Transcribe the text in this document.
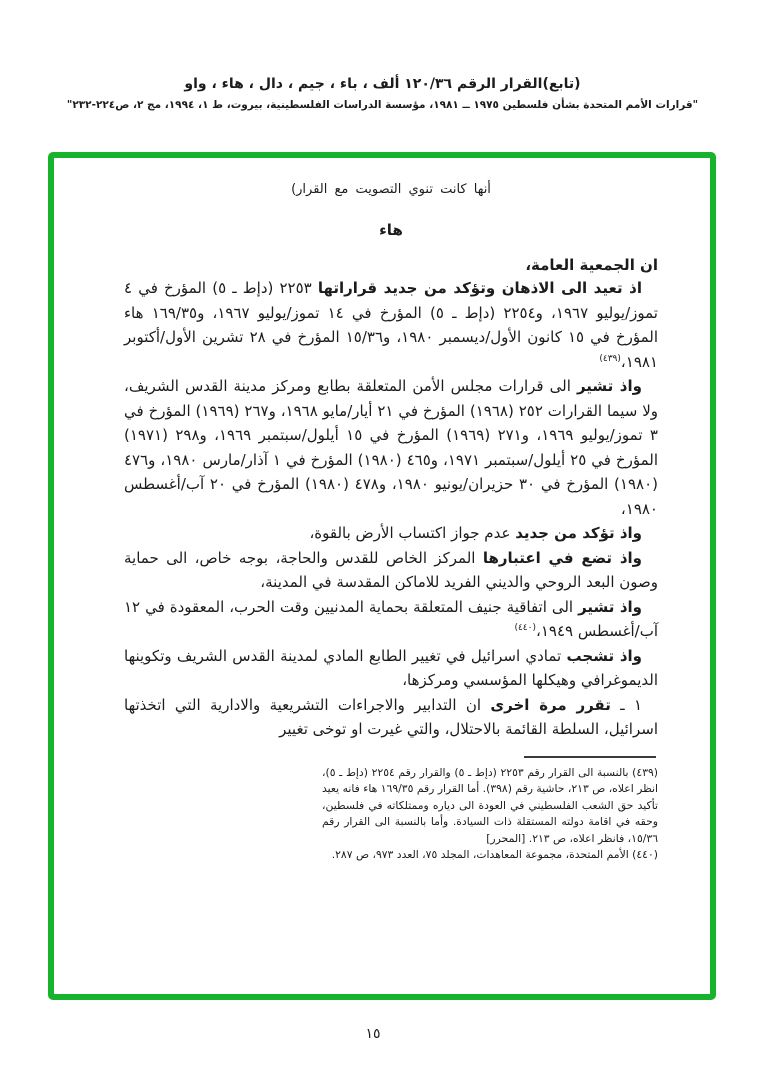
(تابع)القرار الرقم ١٢٠/٣٦ ألف ، باء ، جيم ، دال ، هاء ، واو
"قرارات الأمم المتحدة بشأن فلسطين ١٩٧٥ ــ ١٩٨١، مؤسسة الدراسات الفلسطينية، بيروت، ط ١، ١٩٩٤، مج ٢، ص٢٢٤-٢٣٢"

أنها كانت تنوي التصويت مع القرار)

هاء

ان الجمعية العامة،

اذ تعيد الى الاذهان وتؤكد من جديد قراراتها ٢٢٥٣ (دإط ـ ٥) المؤرخ في ٤ تموز/يوليو ١٩٦٧، و٢٢٥٤ (دإط ـ ٥) المؤرخ في ١٤ تموز/يوليو ١٩٦٧، و١٦٩/٣٥ هاء المؤرخ في ١٥ كانون الأول/ديسمبر ١٩٨٠، و١٥/٣٦ المؤرخ في ٢٨ تشرين الأول/أكتوبر ١٩٨١،$^{(٤٣٩)}$

واذ تشير الى قرارات مجلس الأمن المتعلقة بطابع ومركز مدينة القدس الشريف، ولا سيما القرارات ٢٥٢ (١٩٦٨) المؤرخ في ٢١ أيار/مايو ١٩٦٨، و٢٦٧ (١٩٦٩) المؤرخ في ٣ تموز/يوليو ١٩٦٩، و٢٧١ (١٩٦٩) المؤرخ في ١٥ أيلول/سبتمبر ١٩٦٩، و٢٩٨ (١٩٧١) المؤرخ في ٢٥ أيلول/سبتمبر ١٩٧١، و٤٦٥ (١٩٨٠) المؤرخ في ١ آذار/مارس ١٩٨٠، و٤٧٦ (١٩٨٠) المؤرخ في ٣٠ حزيران/يونيو ١٩٨٠، و٤٧٨ (١٩٨٠) المؤرخ في ٢٠ آب/أغسطس ١٩٨٠،

واذ تؤكد من جديد عدم جواز اكتساب الأرض بالقوة،

واذ تضع في اعتبارها المركز الخاص للقدس والحاجة، بوجه خاص، الى حماية وصون البعد الروحي والديني الفريد للاماكن المقدسة في المدينة،

واذ تشير الى اتفاقية جنيف المتعلقة بحماية المدنيين وقت الحرب، المعقودة في ١٢ آب/أغسطس ١٩٤٩،$^{(٤٤٠)}$

واذ تشجب تمادي اسرائيل في تغيير الطابع المادي لمدينة القدس الشريف وتكوينها الديموغرافي وهيكلها المؤسسي ومركزها،

١ ـ تقرر مرة اخرى ان التدابير والاجراءات التشريعية والادارية التي اتخذتها اسرائيل، السلطة القائمة بالاحتلال، والتي غيرت او توخى تغيير

(٤٣٩) بالنسبة الى القرار رقم ٢٢٥٣ (دإط ـ ٥) والقرار رقم ٢٢٥٤ (دإط ـ ٥)، انظر اعلاه، ص ٢١٣، حاشية رقم (٣٩٨). أما القرار رقم ١٦٩/٣٥ هاء فانه يعيد تأكيد حق الشعب الفلسطيني في العودة الى دياره وممتلكاته في فلسطين، وحقه في اقامة دولته المستقلة ذات السيادة. وأما بالنسبة الى القرار رقم ١٥/٣٦، فانظر اعلاه، ص ٢١٣. [المحرر]

(٤٤٠) الأمم المتحدة، مجموعة المعاهدات، المجلد ٧٥، العدد ٩٧٣، ص ٢٨٧.

١٥
